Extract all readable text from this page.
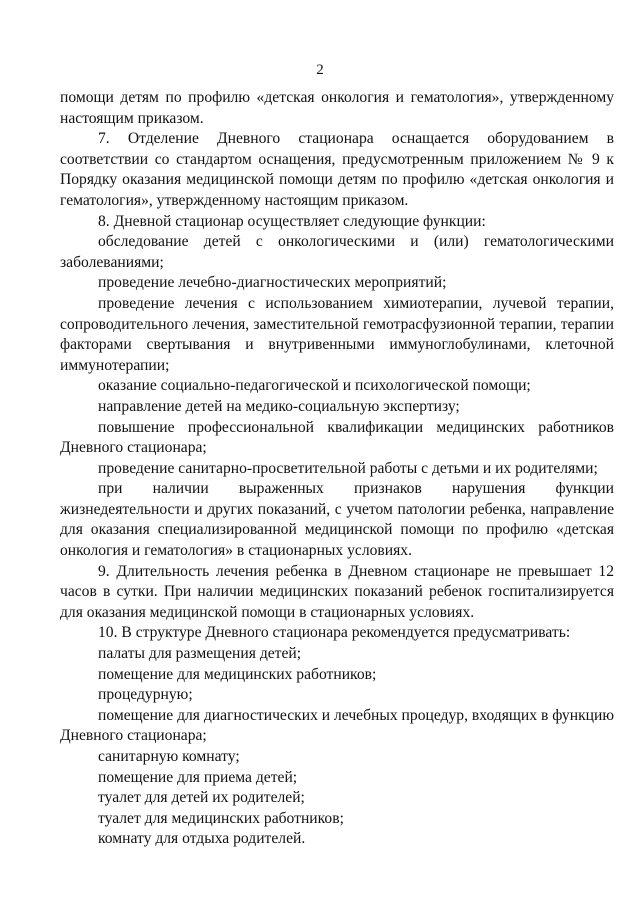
2

помощи детям по профилю «детская онкология и гематология», утвержденному настоящим приказом.

7. Отделение Дневного стационара оснащается оборудованием в соответствии со стандартом оснащения, предусмотренным приложением № 9 к Порядку оказания медицинской помощи детям по профилю «детская онкология и гематология», утвержденному настоящим приказом.

8. Дневной стационар осуществляет следующие функции:

обследование детей с онкологическими и (или) гематологическими заболеваниями;

проведение лечебно-диагностических мероприятий;

проведение лечения с использованием химиотерапии, лучевой терапии, сопроводительного лечения, заместительной гемотрасфузионной терапии, терапии факторами свертывания и внутривенными иммуноглобулинами, клеточной иммунотерапии;

оказание социально-педагогической и психологической помощи;

направление детей на медико-социальную экспертизу;

повышение профессиональной квалификации медицинских работников Дневного стационара;

проведение санитарно-просветительной работы с детьми и их родителями;

при наличии выраженных признаков нарушения функции жизнедеятельности и других показаний, с учетом патологии ребенка, направление для оказания специализированной медицинской помощи по профилю «детская онкология и гематология» в стационарных условиях.

9. Длительность лечения ребенка в Дневном стационаре не превышает 12 часов в сутки. При наличии медицинских показаний ребенок госпитализируется для оказания медицинской помощи в стационарных условиях.

10. В структуре Дневного стационара рекомендуется предусматривать:

палаты для размещения детей;

помещение для медицинских работников;

процедурную;

помещение для диагностических и лечебных процедур, входящих в функцию Дневного стационара;

санитарную комнату;

помещение для приема детей;

туалет для детей их родителей;

туалет для медицинских работников;

комнату для отдыха родителей.
